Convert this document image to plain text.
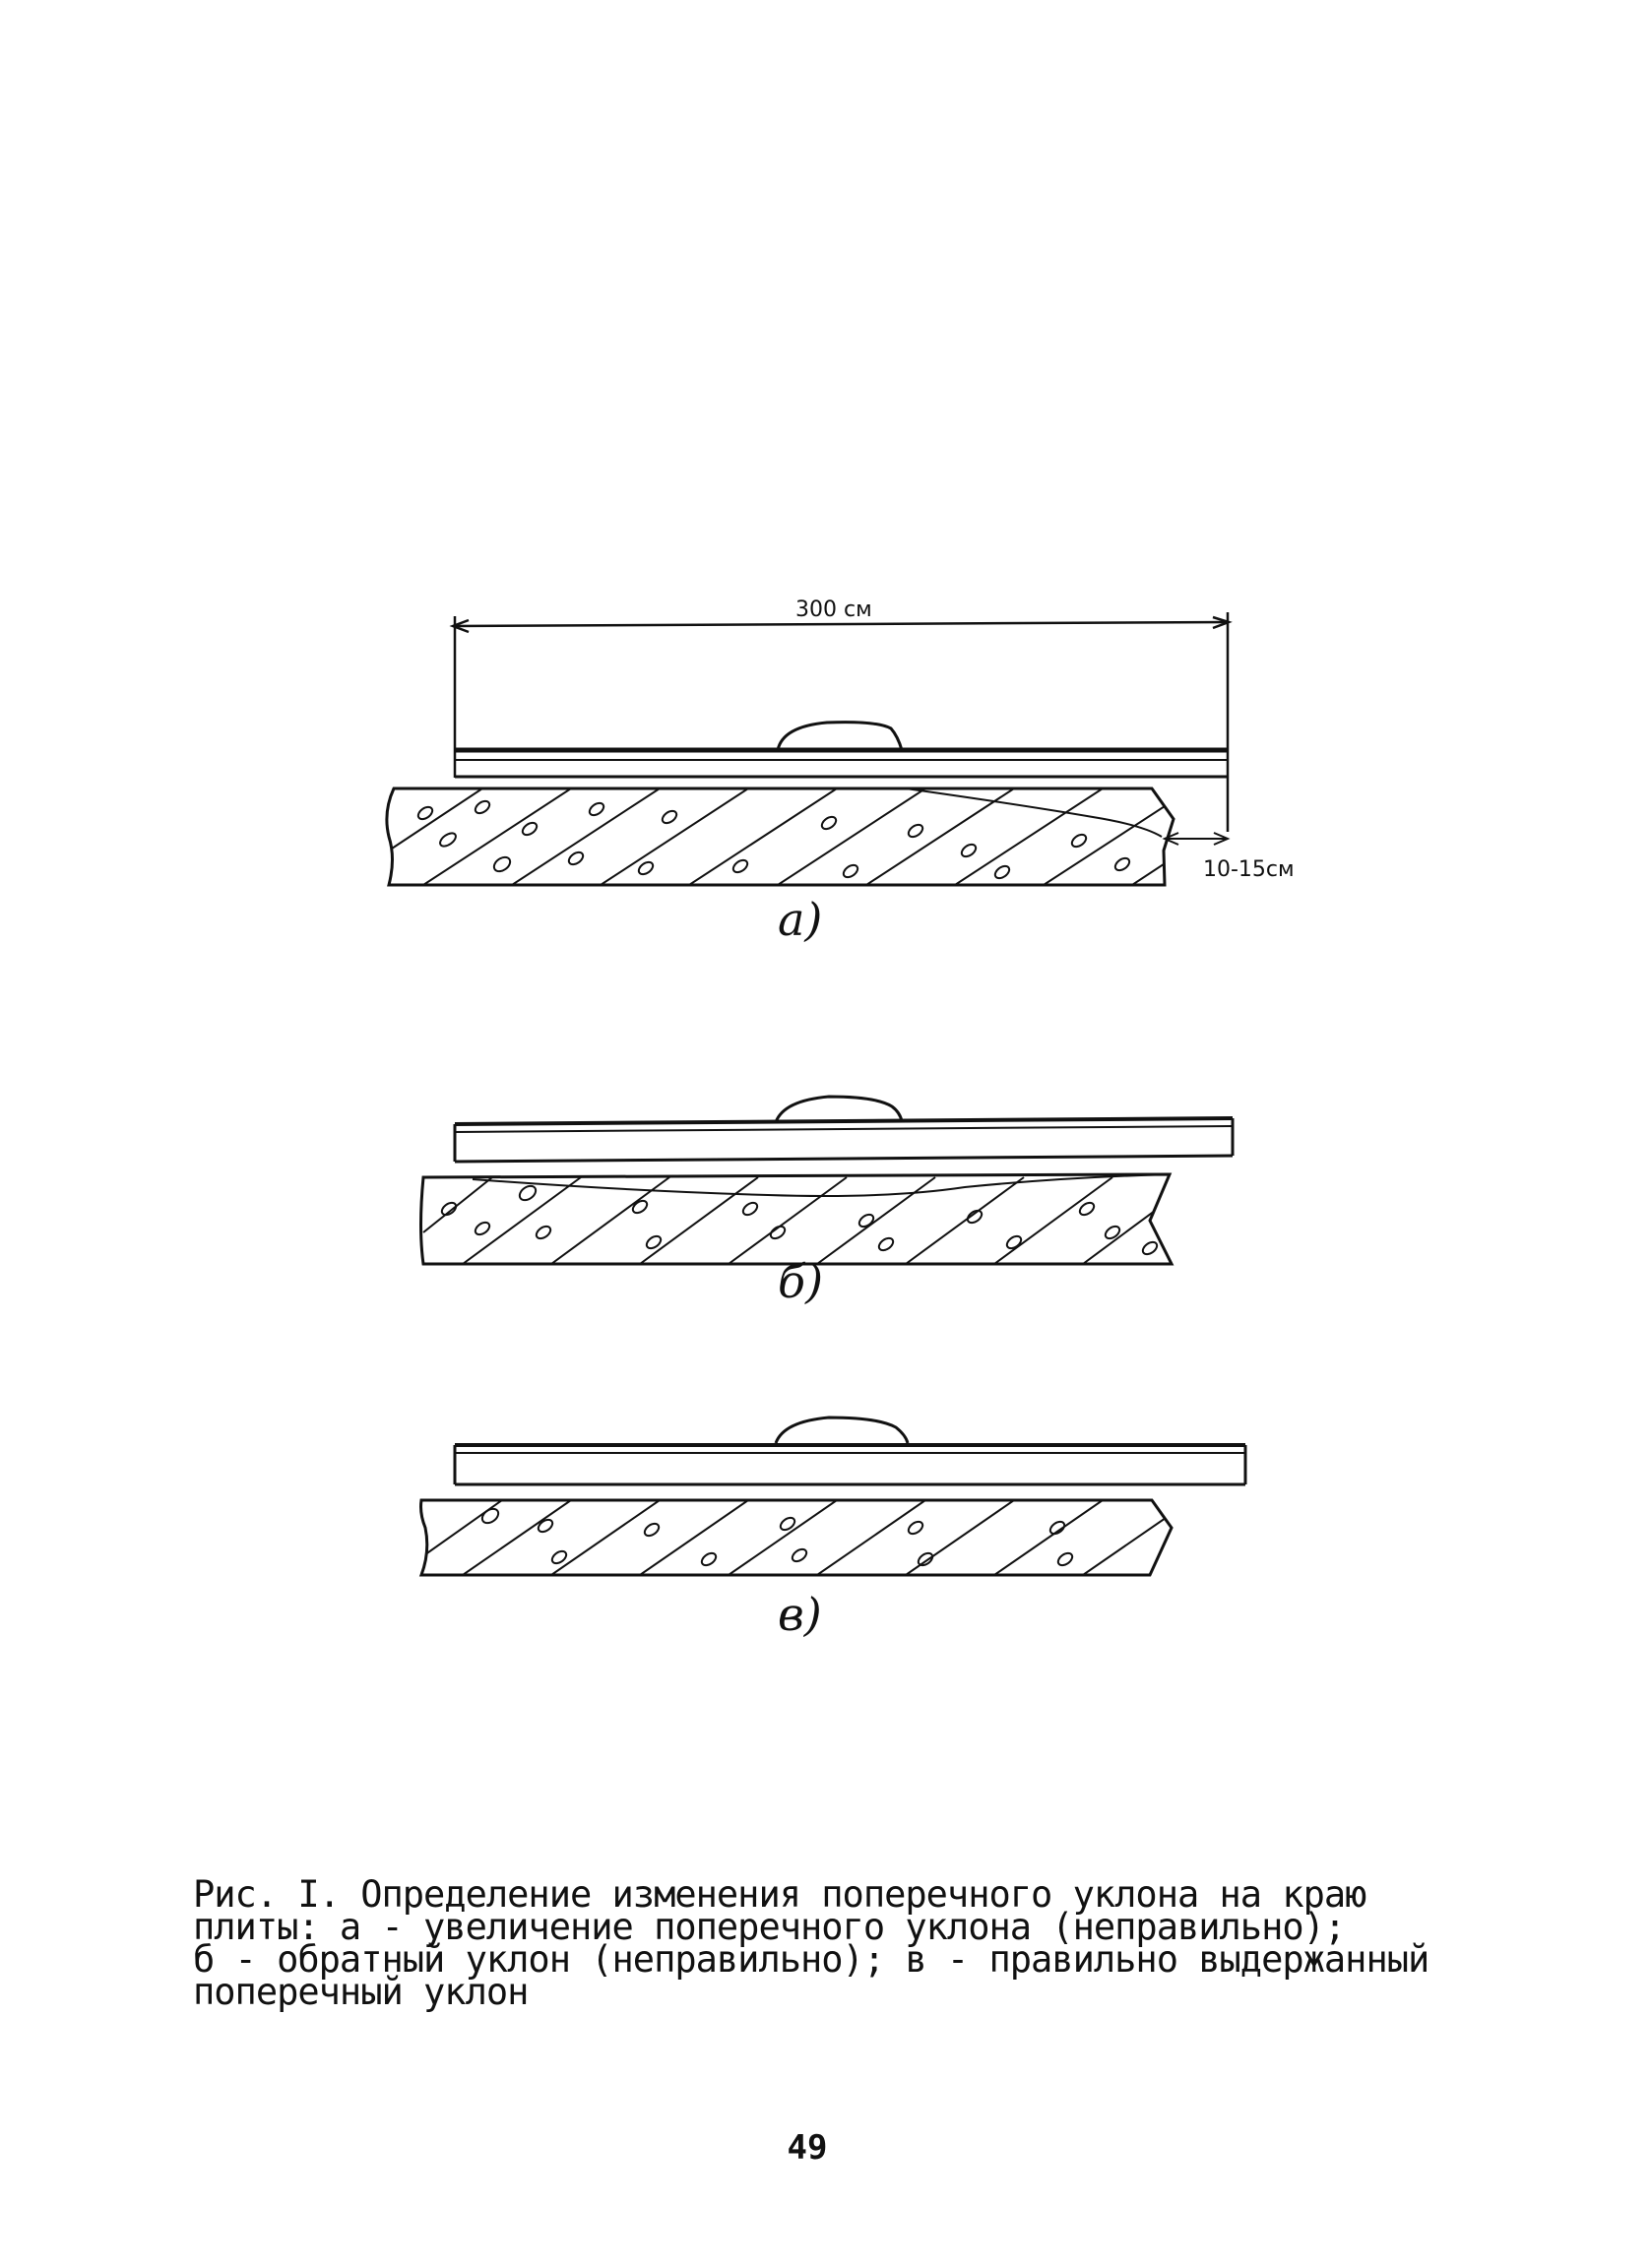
300 см
10-15см
а)
б)
в)
Рис. I. Определение изменения поперечного уклона на краю
плиты: а - увеличение поперечного уклона (неправильно);
б - обратный уклон (неправильно); в - правильно выдержанный
поперечный уклон
49
